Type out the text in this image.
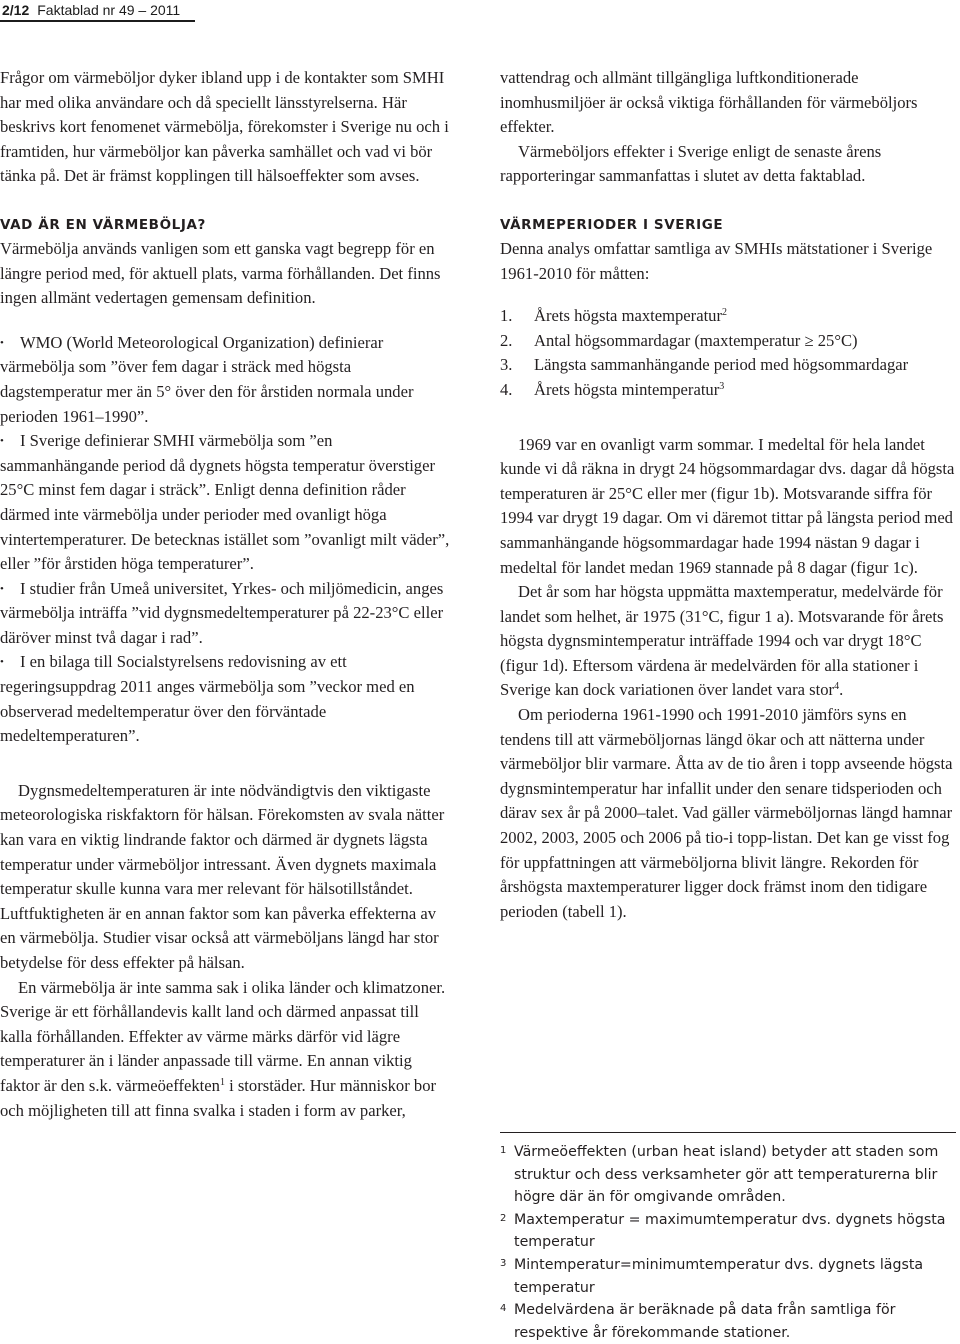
2/12 Faktablad nr 49 – 2011

Frågor om värmeböljor dyker ibland upp i de kontakter som SMHI har med olika användare och då speciellt länsstyrelserna. Här beskrivs kort fenomenet värmebölja, förekomster i Sverige nu och i framtiden, hur värmeböljor kan påverka samhället och vad vi bör tänka på. Det är främst kopplingen till hälsoeffekter som avses.

VAD ÄR EN VÄRMEBÖLJA?

Värmebölja används vanligen som ett ganska vagt begrepp för en längre period med, för aktuell plats, varma förhållanden. Det finns ingen allmänt vedertagen gemensam definition.

• WMO (World Meteorological Organization) definierar värmebölja som ”över fem dagar i sträck med högsta dagstemperatur mer än 5° över den för årstiden normala under perioden 1961–1990”.
• I Sverige definierar SMHI värmebölja som ”en sammanhängande period då dygnets högsta temperatur överstiger 25°C minst fem dagar i sträck”. Enligt denna definition råder därmed inte värmebölja under perioder med ovanligt höga vintertemperaturer. De betecknas istället som ”ovanligt milt väder”, eller ”för årstiden höga temperaturer”.
• I studier från Umeå universitet, Yrkes- och miljömedicin, anges värmebölja inträffa ”vid dygnsmedeltemperaturer på 22-23°C eller däröver minst två dagar i rad”.
• I en bilaga till Socialstyrelsens redovisning av ett regeringsuppdrag 2011 anges värmebölja som ”veckor med en observerad medeltemperatur över den förväntade medeltemperaturen”.

Dygnsmedeltemperaturen är inte nödvändigtvis den viktigaste meteorologiska riskfaktorn för hälsan. Förekomsten av svala nätter kan vara en viktig lindrande faktor och därmed är dygnets lägsta temperatur under värmeböljor intressant. Även dygnets maximala temperatur skulle kunna vara mer relevant för hälsotillståndet. Luftfuktigheten är en annan faktor som kan påverka effekterna av en värmebölja. Studier visar också att värmeböljans längd har stor betydelse för dess effekter på hälsan.

En värmebölja är inte samma sak i olika länder och klimatzoner. Sverige är ett förhållandevis kallt land och därmed anpassat till kalla förhållanden. Effekter av värme märks därför vid lägre temperaturer än i länder anpassade till värme. En annan viktig faktor är den s.k. värmeöeffekten$^1$ i storstäder. Hur människor bor och möjligheten till att finna svalka i staden i form av parker,

vattendrag och allmänt tillgängliga luftkonditionerade inomhusmiljöer är också viktiga förhållanden för värmeböljors effekter.

Värmeböljors effekter i Sverige enligt de senaste årens rapporteringar sammanfattas i slutet av detta faktablad.

VÄRMEPERIODER I SVERIGE

Denna analys omfattar samtliga av SMHIs mätstationer i Sverige 1961-2010 för måtten:

1. Årets högsta maxtemperatur$^2$
2. Antal högsommardagar (maxtemperatur ≥ 25°C)
3. Längsta sammanhängande period med högsommardagar
4. Årets högsta mintemperatur$^3$

1969 var en ovanligt varm sommar. I medeltal för hela landet kunde vi då räkna in drygt 24 högsommardagar dvs. dagar då högsta temperaturen är 25°C eller mer (figur 1b). Motsvarande siffra för 1994 var drygt 19 dagar. Om vi däremot tittar på längsta period med sammanhängande högsommardagar hade 1994 nästan 9 dagar i medeltal för landet medan 1969 stannade på 8 dagar (figur 1c).

Det år som har högsta uppmätta maxtemperatur, medelvärde för landet som helhet, är 1975 (31°C, figur 1 a). Motsvarande för årets högsta dygnsmintemperatur inträffade 1994 och var drygt 18°C (figur 1d). Eftersom värdena är medelvärden för alla stationer i Sverige kan dock variationen över landet vara stor$^4$.

Om perioderna 1961-1990 och 1991-2010 jämförs syns en tendens till att värmeböljornas längd ökar och att nätterna under värmeböljor blir varmare. Åtta av de tio åren i topp avseende högsta dygnsmintemperatur har infallit under den senare tidsperioden och därav sex år på 2000–talet. Vad gäller värmeböljornas längd hamnar 2002, 2003, 2005 och 2006 på tio-i topp-listan. Det kan ge visst fog för uppfattningen att värmeböljorna blivit längre. Rekorden för årshögsta maxtemperaturer ligger dock främst inom den tidigare perioden (tabell 1).

1 Värmeöeffekten (urban heat island) betyder att staden som struktur och dess verksamheter gör att temperaturerna blir högre där än för omgivande områden.

2 Maxtemperatur = maximumtemperatur dvs. dygnets högsta temperatur

3 Mintemperatur=minimumtemperatur dvs. dygnets lägsta temperatur

4 Medelvärdena är beräknade på data från samtliga för respektive år förekommande stationer.
